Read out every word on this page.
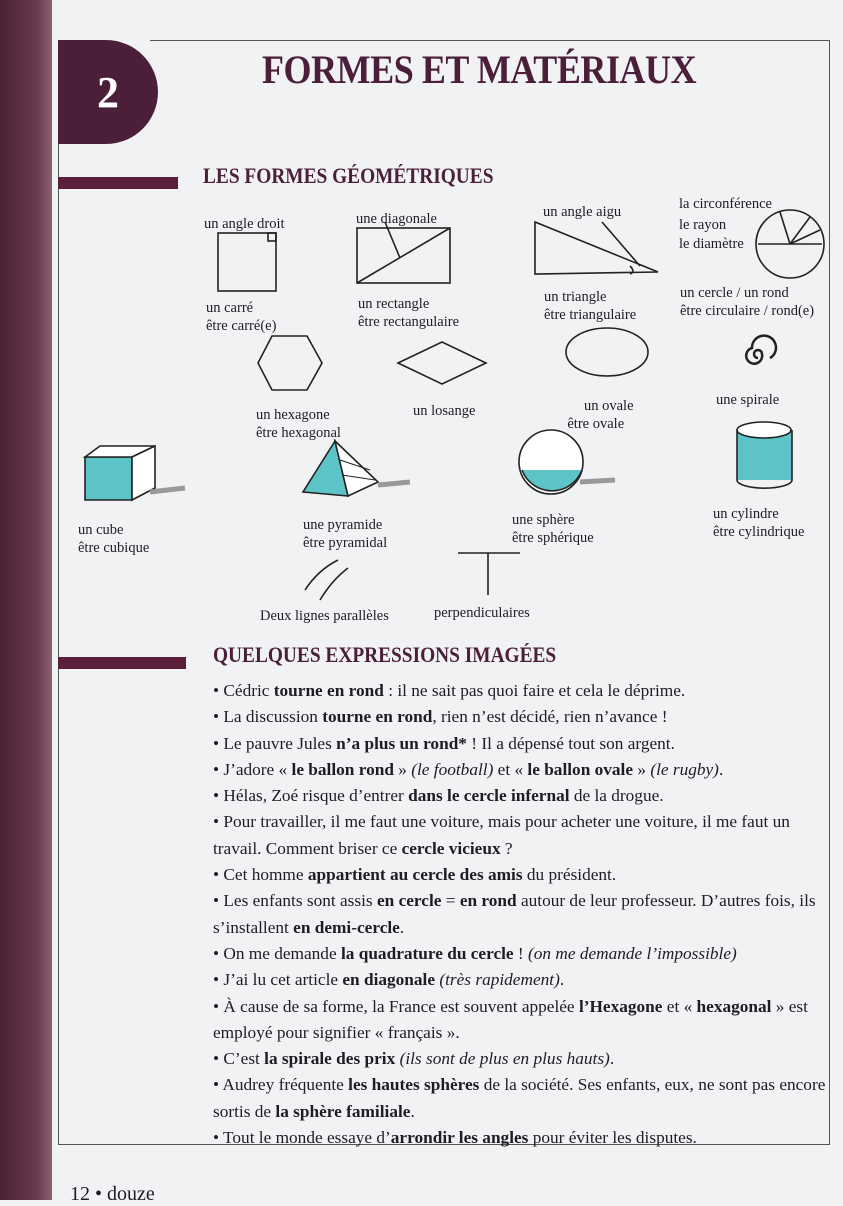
2	FORMES ET MATÉRIAUX
LES FORMES GÉOMÉTRIQUES
un angle droit	une diagonale	un angle aigu	la circonférence
le rayon
le diamètre
un carré
être carré(e)
un rectangle
être rectangulaire
un triangle
être triangulaire
un cercle / un rond
être circulaire / rond(e)
un hexagone
être hexagonal
un losange	un ovale
être ovale
une spirale
un cube
être cubique
une pyramide
être pyramidal
une sphère
être sphérique
un cylindre
être cylindrique
Deux lignes parallèles	perpendiculaires
QUELQUES EXPRESSIONS IMAGÉES

• Cédric tourne en rond : il ne sait pas quoi faire et cela le déprime.

• La discussion tourne en rond, rien n’est décidé, rien n’avance !

• Le pauvre Jules n’a plus un rond* ! Il a dépensé tout son argent.

• J’adore « le ballon rond » (le football) et « le ballon ovale » (le rugby).

• Hélas, Zoé risque d’entrer dans le cercle infernal de la drogue.

• Pour travailler, il me faut une voiture, mais pour acheter une voiture, il me faut un travail. Comment briser ce cercle vicieux ?

• Cet homme appartient au cercle des amis du président.

• Les enfants sont assis en cercle = en rond autour de leur professeur. D’autres fois, ils s’installent en demi-cercle.

• On me demande la quadrature du cercle ! (on me demande l’impossible)

• J’ai lu cet article en diagonale (très rapidement).

• À cause de sa forme, la France est souvent appelée l’Hexagone et « hexagonal » est employé pour signifier « français ».

• C’est la spirale des prix (ils sont de plus en plus hauts).

• Audrey fréquente les hautes sphères de la société. Ses enfants, eux, ne sont pas encore sortis de la sphère familiale.

• Tout le monde essaye d’arrondir les angles pour éviter les disputes.

12 • douze
